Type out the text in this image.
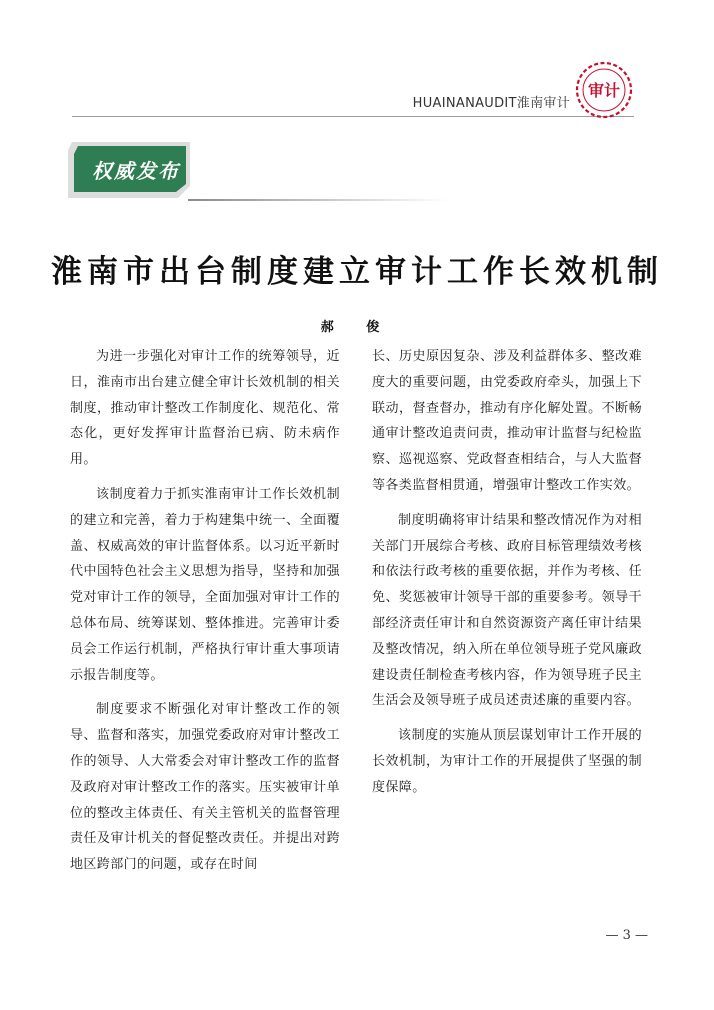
HUAINANAUDIT淮南审计
审计
权威发布
淮南市出台制度建立审计工作长效机制
郝 俊

为进一步强化对审计工作的统筹领导，近日，淮南市出台建立健全审计长效机制的相关制度，推动审计整改工作制度化、规范化、常态化，更好发挥审计监督治已病、防未病作用。

该制度着力于抓实淮南审计工作长效机制的建立和完善，着力于构建集中统一、全面覆盖、权威高效的审计监督体系。以习近平新时代中国特色社会主义思想为指导，坚持和加强党对审计工作的领导，全面加强对审计工作的总体布局、统筹谋划、整体推进。完善审计委员会工作运行机制，严格执行审计重大事项请示报告制度等。

制度要求不断强化对审计整改工作的领导、监督和落实，加强党委政府对审计整改工作的领导、人大常委会对审计整改工作的监督及政府对审计整改工作的落实。压实被审计单位的整改主体责任、有关主管机关的监督管理责任及审计机关的督促整改责任。并提出对跨地区跨部门的问题，或存在时间

长、历史原因复杂、涉及利益群体多、整改难度大的重要问题，由党委政府牵头，加强上下联动，督查督办，推动有序化解处置。不断畅通审计整改追责问责，推动审计监督与纪检监察、巡视巡察、党政督查相结合，与人大监督等各类监督相贯通，增强审计整改工作实效。

制度明确将审计结果和整改情况作为对相关部门开展综合考核、政府目标管理绩效考核和依法行政考核的重要依据，并作为考核、任免、奖惩被审计领导干部的重要参考。领导干部经济责任审计和自然资源资产离任审计结果及整改情况，纳入所在单位领导班子党风廉政建设责任制检查考核内容，作为领导班子民主生活会及领导班子成员述责述廉的重要内容。

该制度的实施从顶层谋划审计工作开展的长效机制，为审计工作的开展提供了坚强的制度保障。

— 3 —
